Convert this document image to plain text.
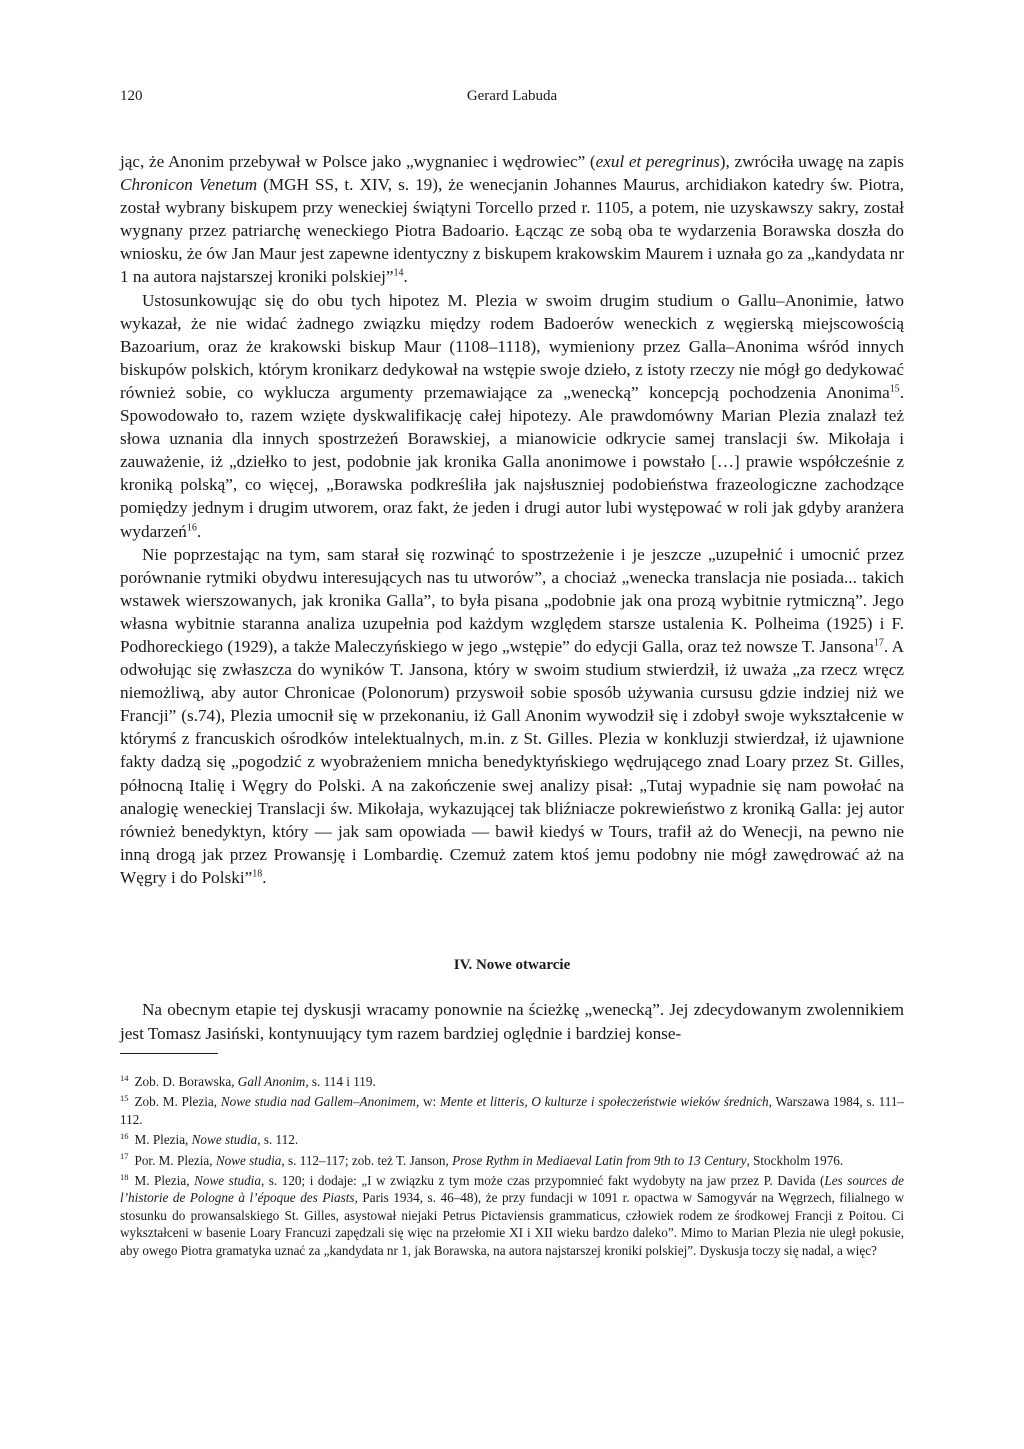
120	Gerard Labuda

jąc, że Anonim przebywał w Polsce jako „wygnaniec i wędrowiec” (exul et peregrinus), zwróciła uwagę na zapis Chronicon Venetum (MGH SS, t. XIV, s. 19), że wenecjanin Johannes Maurus, archidiakon katedry św. Piotra, został wybrany biskupem przy weneckiej świątyni Torcello przed r. 1105, a potem, nie uzyskawszy sakry, został wygnany przez patriarchę weneckiego Piotra Badoario. Łącząc ze sobą oba te wydarzenia Borawska doszła do wniosku, że ów Jan Maur jest zapewne identyczny z biskupem krakowskim Maurem i uznała go za „kandydata nr 1 na autora najstarszej kroniki polskiej”$^{14}$.

Ustosunkowując się do obu tych hipotez M. Plezia w swoim drugim studium o Gallu–Anonimie, łatwo wykazał, że nie widać żadnego związku między rodem Badoerów weneckich z węgierską miejscowością Bazoarium, oraz że krakowski biskup Maur (1108–1118), wymieniony przez Galla–Anonima wśród innych biskupów polskich, którym kronikarz dedykował na wstępie swoje dzieło, z istoty rzeczy nie mógł go dedykować również sobie, co wyklucza argumenty przemawiające za „wenecką” koncepcją pochodzenia Anonima$^{15}$. Spowodowało to, razem wzięte dyskwalifikację całej hipotezy. Ale prawdomówny Marian Plezia znalazł też słowa uznania dla innych spostrzeżeń Borawskiej, a mianowicie odkrycie samej translacji św. Mikołaja i zauważenie, iż „dziełko to jest, podobnie jak kronika Galla anonimowe i powstało […] prawie współcześnie z kroniką polską”, co więcej, „Borawska podkreśliła jak najsłuszniej podobieństwa frazeologiczne zachodzące pomiędzy jednym i drugim utworem, oraz fakt, że jeden i drugi autor lubi występować w roli jak gdyby aranżera wydarzeń$^{16}$.

Nie poprzestając na tym, sam starał się rozwinąć to spostrzeżenie i je jeszcze „uzupełnić i umocnić przez porównanie rytmiki obydwu interesujących nas tu utworów”, a chociaż „wenecka translacja nie posiada... takich wstawek wierszowanych, jak kronika Galla”, to była pisana „podobnie jak ona prozą wybitnie rytmiczną”. Jego własna wybitnie staranna analiza uzupełnia pod każdym względem starsze ustalenia K. Polheima (1925) i F. Podhoreckiego (1929), a także Maleczyńskiego w jego „wstępie” do edycji Galla, oraz też nowsze T. Jansona$^{17}$. A odwołując się zwłaszcza do wyników T. Jansona, który w swoim studium stwierdził, iż uważa „za rzecz wręcz niemożliwą, aby autor Chronicae (Polonorum) przyswoił sobie sposób używania cursusu gdzie indziej niż we Francji” (s.74), Plezia umocnił się w przekonaniu, iż Gall Anonim wywodził się i zdobył swoje wykształcenie w którymś z francuskich ośrodków intelektualnych, m.in. z St. Gilles. Plezia w konkluzji stwierdzał, iż ujawnione fakty dadzą się „pogodzić z wyobrażeniem mnicha benedyktyńskiego wędrującego znad Loary przez St. Gilles, północną Italię i Węgry do Polski. A na zakończenie swej analizy pisał: „Tutaj wypadnie się nam powołać na analogię weneckiej Translacji św. Mikołaja, wykazującej tak bliźniacze pokrewieństwo z kroniką Galla: jej autor również benedyktyn, który — jak sam opowiada — bawił kiedyś w Tours, trafił aż do Wenecji, na pewno nie inną drogą jak przez Prowansję i Lombardię. Czemuż zatem ktoś jemu podobny nie mógł zawędrować aż na Węgry i do Polski”$^{18}$.

IV. Nowe otwarcie

Na obecnym etapie tej dyskusji wracamy ponownie na ścieżkę „wenecką”. Jej zdecydowanym zwolennikiem jest Tomasz Jasiński, kontynuujący tym razem bardziej oględnie i bardziej konse-

$^{14}$ Zob. D. Borawska, Gall Anonim, s. 114 i 119.

$^{15}$ Zob. M. Plezia, Nowe studia nad Gallem–Anonimem, w: Mente et litteris, O kulturze i społeczeństwie wieków średnich, Warszawa 1984, s. 111–112.

$^{16}$ M. Plezia, Nowe studia, s. 112.

$^{17}$ Por. M. Plezia, Nowe studia, s. 112–117; zob. też T. Janson, Prose Rythm in Mediaeval Latin from 9th to 13 Century, Stockholm 1976.

$^{18}$ M. Plezia, Nowe studia, s. 120; i dodaje: „I w związku z tym może czas przypomnieć fakt wydobyty na jaw przez P. Davida (Les sources de l’historie de Pologne à l’époque des Piasts, Paris 1934, s. 46–48), że przy fundacji w 1091 r. opactwa w Samogyvár na Węgrzech, filialnego w stosunku do prowansalskiego St. Gilles, asystował niejaki Petrus Pictaviensis grammaticus, człowiek rodem ze środkowej Francji z Poitou. Ci wykształceni w basenie Loary Francuzi zapędzali się więc na przełomie XI i XII wieku bardzo daleko”. Mimo to Marian Plezia nie uległ pokusie, aby owego Piotra gramatyka uznać za „kandydata nr 1, jak Borawska, na autora najstarszej kroniki polskiej”. Dyskusja toczy się nadal, a więc?
